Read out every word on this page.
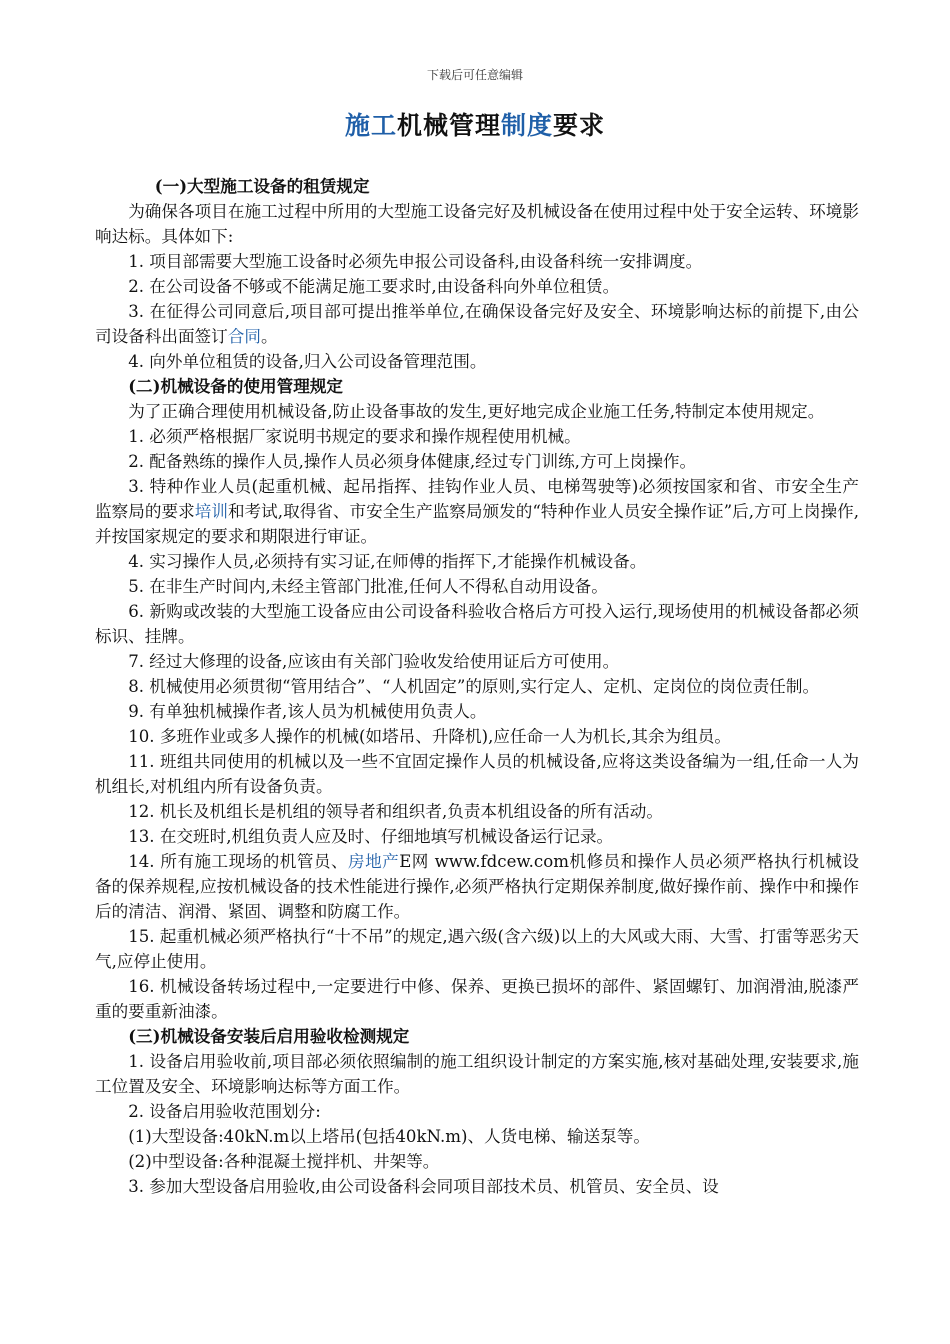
下载后可任意编辑
施工机械管理制度要求

(一)大型施工设备的租赁规定

为确保各项目在施工过程中所用的大型施工设备完好及机械设备在使用过程中处于安全运转、环境影响达标。具体如下:

1. 项目部需要大型施工设备时必须先申报公司设备科,由设备科统一安排调度。

2. 在公司设备不够或不能满足施工要求时,由设备科向外单位租赁。

3. 在征得公司同意后,项目部可提出推举单位,在确保设备完好及安全、环境影响达标的前提下,由公司设备科出面签订合同。

4. 向外单位租赁的设备,归入公司设备管理范围。

(二)机械设备的使用管理规定

为了正确合理使用机械设备,防止设备事故的发生,更好地完成企业施工任务,特制定本使用规定。

1. 必须严格根据厂家说明书规定的要求和操作规程使用机械。

2. 配备熟练的操作人员,操作人员必须身体健康,经过专门训练,方可上岗操作。

3. 特种作业人员(起重机械、起吊指挥、挂钩作业人员、电梯驾驶等)必须按国家和省、市安全生产监察局的要求培训和考试,取得省、市安全生产监察局颁发的“特种作业人员安全操作证”后,方可上岗操作,并按国家规定的要求和期限进行审证。

4. 实习操作人员,必须持有实习证,在师傅的指挥下,才能操作机械设备。

5. 在非生产时间内,未经主管部门批准,任何人不得私自动用设备。

6. 新购或改装的大型施工设备应由公司设备科验收合格后方可投入运行,现场使用的机械设备都必须标识、挂牌。

7. 经过大修理的设备,应该由有关部门验收发给使用证后方可使用。

8. 机械使用必须贯彻“管用结合”、“人机固定”的原则,实行定人、定机、定岗位的岗位责任制。

9. 有单独机械操作者,该人员为机械使用负责人。

10. 多班作业或多人操作的机械(如塔吊、升降机),应任命一人为机长,其余为组员。

11. 班组共同使用的机械以及一些不宜固定操作人员的机械设备,应将这类设备编为一组,任命一人为机组长,对机组内所有设备负责。

12. 机长及机组长是机组的领导者和组织者,负责本机组设备的所有活动。

13. 在交班时,机组负责人应及时、仔细地填写机械设备运行记录。

14. 所有施工现场的机管员、房地产E网 www.fdcew.com机修员和操作人员必须严格执行机械设备的保养规程,应按机械设备的技术性能进行操作,必须严格执行定期保养制度,做好操作前、操作中和操作后的清洁、润滑、紧固、调整和防腐工作。

15. 起重机械必须严格执行“十不吊”的规定,遇六级(含六级)以上的大风或大雨、大雪、打雷等恶劣天气,应停止使用。

16. 机械设备转场过程中,一定要进行中修、保养、更换已损坏的部件、紧固螺钉、加润滑油,脱漆严重的要重新油漆。

(三)机械设备安装后启用验收检测规定

1. 设备启用验收前,项目部必须依照编制的施工组织设计制定的方案实施,核对基础处理,安装要求,施工位置及安全、环境影响达标等方面工作。

2. 设备启用验收范围划分:

(1)大型设备:40kN.m以上塔吊(包括40kN.m)、人货电梯、输送泵等。

(2)中型设备:各种混凝土搅拌机、井架等。

3. 参加大型设备启用验收,由公司设备科会同项目部技术员、机管员、安全员、设
